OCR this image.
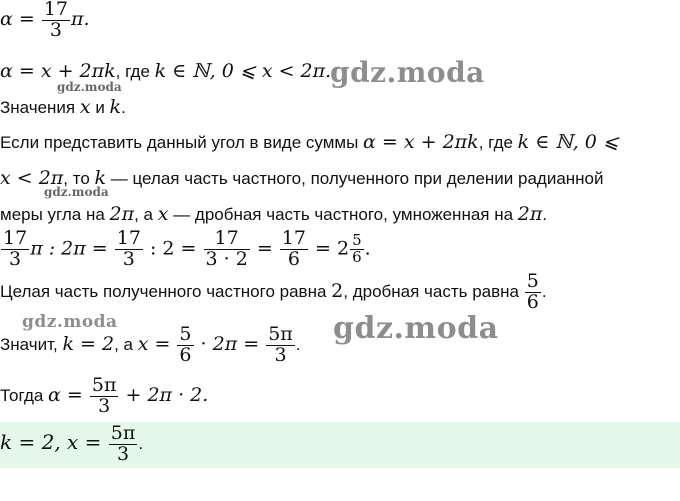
$\alpha = \frac{17}{3} \pi$.
α = x + 2πk, где k ∈ ℕ, 0 ⩽ x < 2π.
Значения x и k.
Если представить данный угол в виде суммы α = x + 2πk, где k ∈ ℕ, 0 ⩽
x < 2π, то k — целая часть частного, полученного при делении радианной
меры угла на 2π, а x — дробная часть частного, умноженная на 2π.
$\frac{17}{3}$ π : $2\pi = \frac{17}{3}$ : $2 = \frac{17}{3 \cdot 2} = \frac{17}{6} = 2 \frac{5}{6}$ .
Целая часть полученного частного равна 2, дробная часть равна $\frac{5}{6}$ .
Значит, k = 2, а $x = \frac{5}{6} \cdot 2\pi = \frac{5\pi}{3}$ .
Тогда $\alpha = \frac{5\pi}{3} + 2\pi \cdot 2$.
k = 2, $x = \frac{5\pi}{3}$ .
gdz.moda
gdz.moda
gdz.moda
gdz.moda	gdz.moda
